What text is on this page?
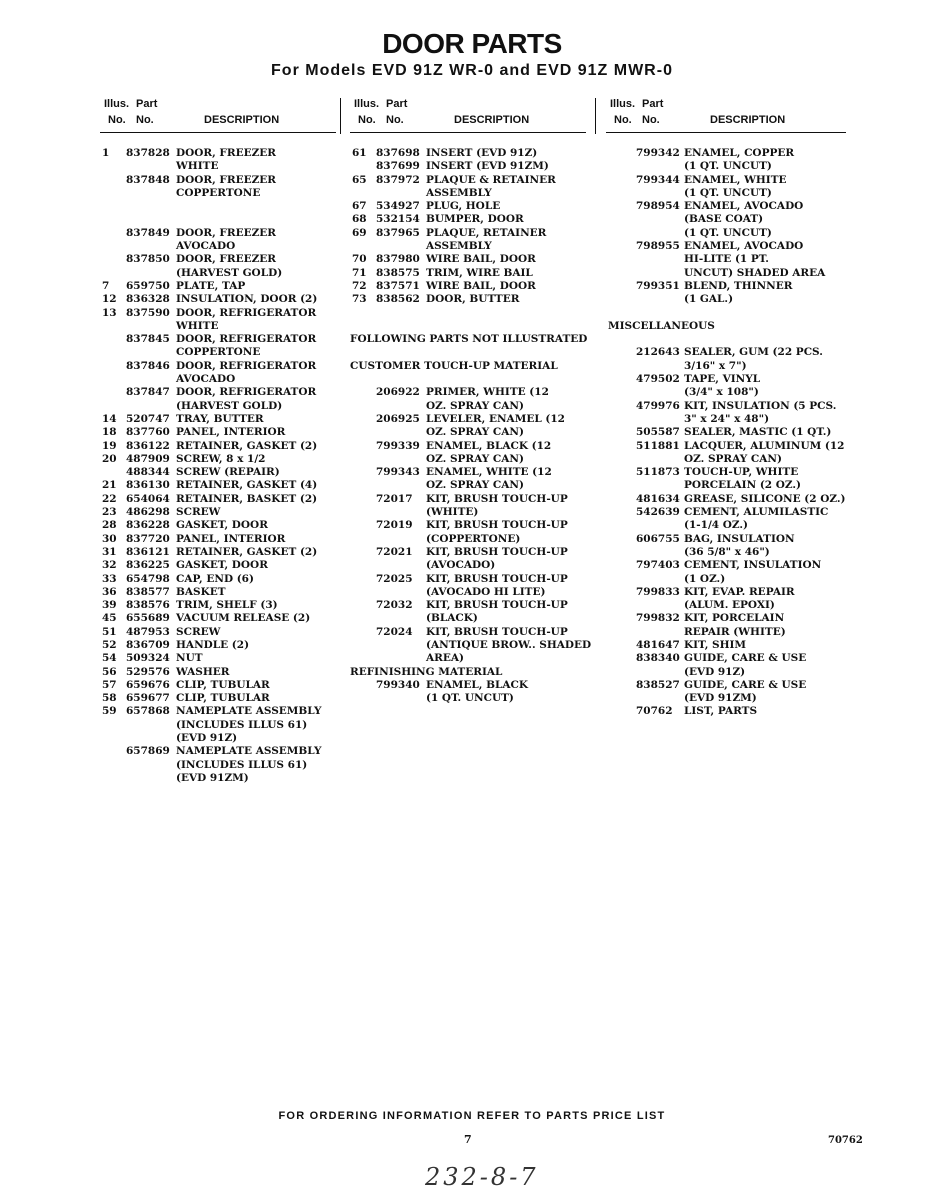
DOOR PARTS
For Models EVD 91Z WR-0 and EVD 91Z MWR-0
Illus. Part
No. No.	DESCRIPTION
1 837828 DOOR, FREEZER
WHITE
837848 DOOR, FREEZER
COPPERTONE
837849 DOOR, FREEZER
AVOCADO
837850 DOOR, FREEZER
(HARVEST GOLD)
7 659750 PLATE, TAP
12 836328 INSULATION, DOOR (2)
13 837590 DOOR, REFRIGERATOR
WHITE
837845 DOOR, REFRIGERATOR
COPPERTONE
837846 DOOR, REFRIGERATOR
AVOCADO
837847 DOOR, REFRIGERATOR
(HARVEST GOLD)
14 520747 TRAY, BUTTER
18 837760 PANEL, INTERIOR
19 836122 RETAINER, GASKET (2)
20 487909 SCREW, 8 x 1/2
488344 SCREW (REPAIR)
21 836130 RETAINER, GASKET (4)
22 654064 RETAINER, BASKET (2)
23 486298 SCREW
28 836228 GASKET, DOOR
30 837720 PANEL, INTERIOR
31 836121 RETAINER, GASKET (2)
32 836225 GASKET, DOOR
33 654798 CAP, END (6)
36 838577 BASKET
39 838576 TRIM, SHELF (3)
45 655689 VACUUM RELEASE (2)
51 487953 SCREW
52 836709 HANDLE (2)
54 509324 NUT
56 529576 WASHER
57 659676 CLIP, TUBULAR
58 659677 CLIP, TUBULAR
59 657868 NAMEPLATE ASSEMBLY
(INCLUDES ILLUS 61)
(EVD 91Z)
657869 NAMEPLATE ASSEMBLY
(INCLUDES ILLUS 61)
(EVD 91ZM)
Illus. Part
No. No.	DESCRIPTION
61 837698 INSERT (EVD 91Z)
837699 INSERT (EVD 91ZM)
65 837972 PLAQUE & RETAINER
ASSEMBLY
67 534927 PLUG, HOLE
68 532154 BUMPER, DOOR
69 837965 PLAQUE, RETAINER
ASSEMBLY
70 837980 WIRE BAIL, DOOR
71 838575 TRIM, WIRE BAIL
72 837571 WIRE BAIL, DOOR
73 838562 DOOR, BUTTER
FOLLOWING PARTS NOT ILLUSTRATED
CUSTOMER TOUCH-UP MATERIAL
206922 PRIMER, WHITE (12
OZ. SPRAY CAN)
206925 LEVELER, ENAMEL (12
OZ. SPRAY CAN)
799339 ENAMEL, BLACK (12
OZ. SPRAY CAN)
799343 ENAMEL, WHITE (12
OZ. SPRAY CAN)
72017 KIT, BRUSH TOUCH-UP
(WHITE)
72019 KIT, BRUSH TOUCH-UP
(COPPERTONE)
72021 KIT, BRUSH TOUCH-UP
(AVOCADO)
72025 KIT, BRUSH TOUCH-UP
(AVOCADO HI LITE)
72032 KIT, BRUSH TOUCH-UP
(BLACK)
72024 KIT, BRUSH TOUCH-UP
(ANTIQUE BROW.. SHADED
AREA)
REFINISHING MATERIAL
799340 ENAMEL, BLACK
(1 QT. UNCUT)
Illus. Part
No. No.	DESCRIPTION
799342 ENAMEL, COPPER
(1 QT. UNCUT)
799344 ENAMEL, WHITE
(1 QT. UNCUT)
798954 ENAMEL, AVOCADO
(BASE COAT)
(1 QT. UNCUT)
798955 ENAMEL, AVOCADO
HI-LITE (1 PT.
UNCUT) SHADED AREA
799351 BLEND, THINNER
(1 GAL.)
MISCELLANEOUS
212643 SEALER, GUM (22 PCS.
3/16" x 7")
479502 TAPE, VINYL
(3/4" x 108")
479976 KIT, INSULATION (5 PCS.
3" x 24" x 48")
505587 SEALER, MASTIC (1 QT.)
511881 LACQUER, ALUMINUM (12
OZ. SPRAY CAN)
511873 TOUCH-UP, WHITE
PORCELAIN (2 OZ.)
481634 GREASE, SILICONE (2 OZ.)
542639 CEMENT, ALUMILASTIC
(1-1/4 OZ.)
606755 BAG, INSULATION
(36 5/8" x 46")
797403 CEMENT, INSULATION
(1 OZ.)
799833 KIT, EVAP. REPAIR
(ALUM. EPOXI)
799832 KIT, PORCELAIN
REPAIR (WHITE)
481647 KIT, SHIM
838340 GUIDE, CARE & USE
(EVD 91Z)
838527 GUIDE, CARE & USE
(EVD 91ZM)
70762 LIST, PARTS
FOR ORDERING INFORMATION REFER TO PARTS PRICE LIST
7	70762
232-8-7
